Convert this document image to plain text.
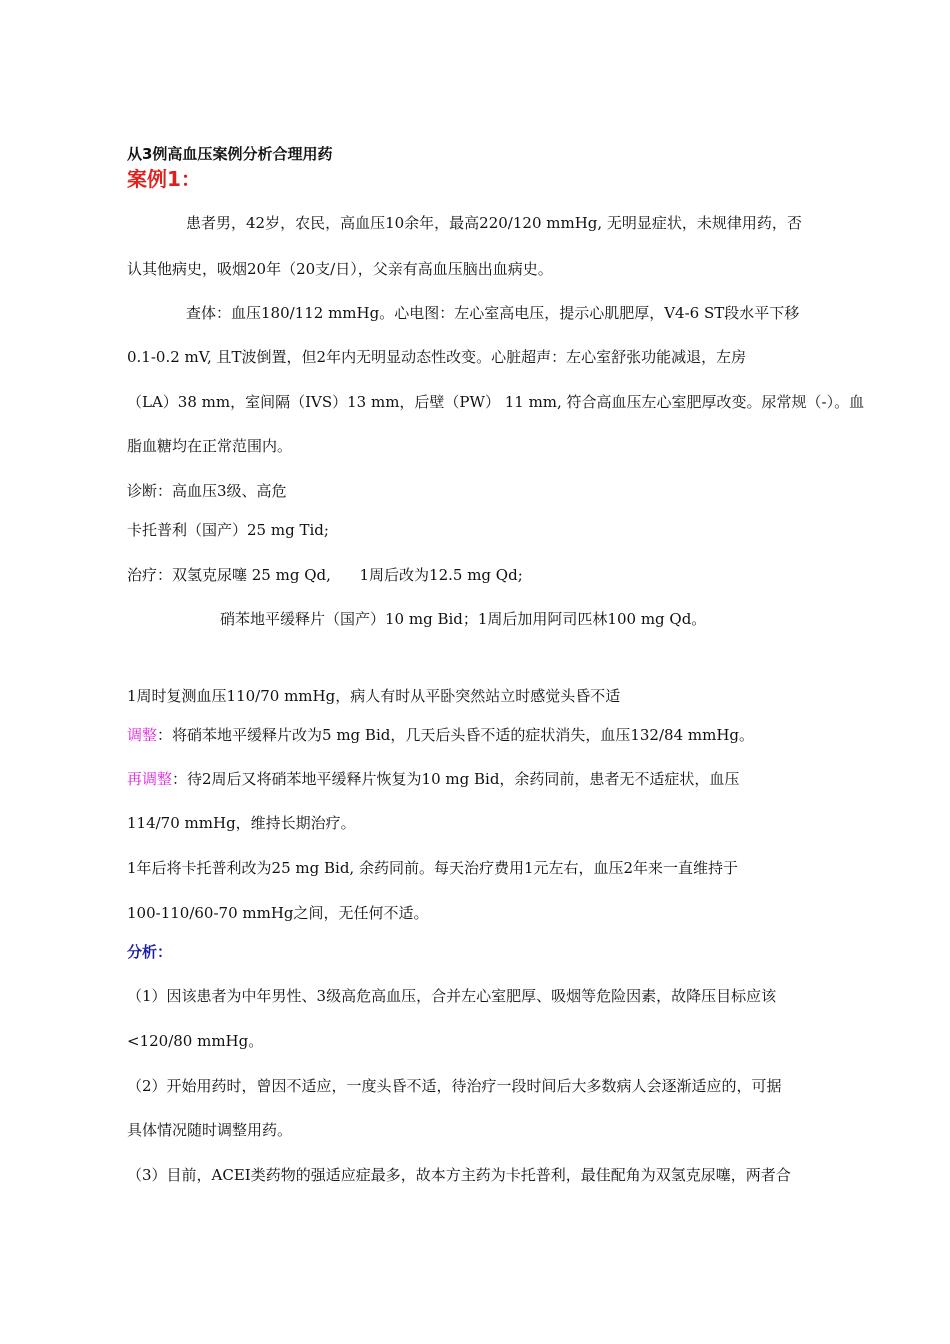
从3例高血压案例分析合理用药
案例1：
患者男，42岁，农民，高血压10余年，最高220/120 mmHg, 无明显症状，未规律用药，否
认其他病史，吸烟20年（20支/日），父亲有高血压脑出血病史。
查体：血压180/112 mmHg。心电图：左心室高电压，提示心肌肥厚，V4-6 ST段水平下移
0.1-0.2 mV, 且T波倒置，但2年内无明显动态性改变。心脏超声：左心室舒张功能减退，左房
（LA）38 mm，室间隔（IVS）13 mm，后壁（PW） 11 mm, 符合高血压左心室肥厚改变。尿常规（-）。血
脂血糖均在正常范围内。
诊断：高血压3级、高危
卡托普利（国产）25 mg Tid;
治疗：双氢克尿噻 25 mg Qd,      1周后改为12.5 mg Qd;
硝苯地平缓释片（国产）10 mg Bid；1周后加用阿司匹林100 mg Qd。
1周时复测血压110/70 mmHg，病人有时从平卧突然站立时感觉头昏不适
调整：将硝苯地平缓释片改为5 mg Bid，几天后头昏不适的症状消失，血压132/84 mmHg。
再调整：待2周后又将硝苯地平缓释片恢复为10 mg Bid，余药同前，患者无不适症状，血压
114/70 mmHg，维持长期治疗。
1年后将卡托普利改为25 mg Bid, 余药同前。每天治疗费用1元左右，血压2年来一直维持于
100-110/60-70 mmHg之间，无任何不适。
分析：
（1）因该患者为中年男性、3级高危高血压，合并左心室肥厚、吸烟等危险因素，故降压目标应该
<120/80 mmHg。
（2）开始用药时，曾因不适应，一度头昏不适，待治疗一段时间后大多数病人会逐渐适应的，可据
具体情况随时调整用药。
（3）目前，ACEI类药物的强适应症最多，故本方主药为卡托普利，最佳配角为双氢克尿噻，两者合
